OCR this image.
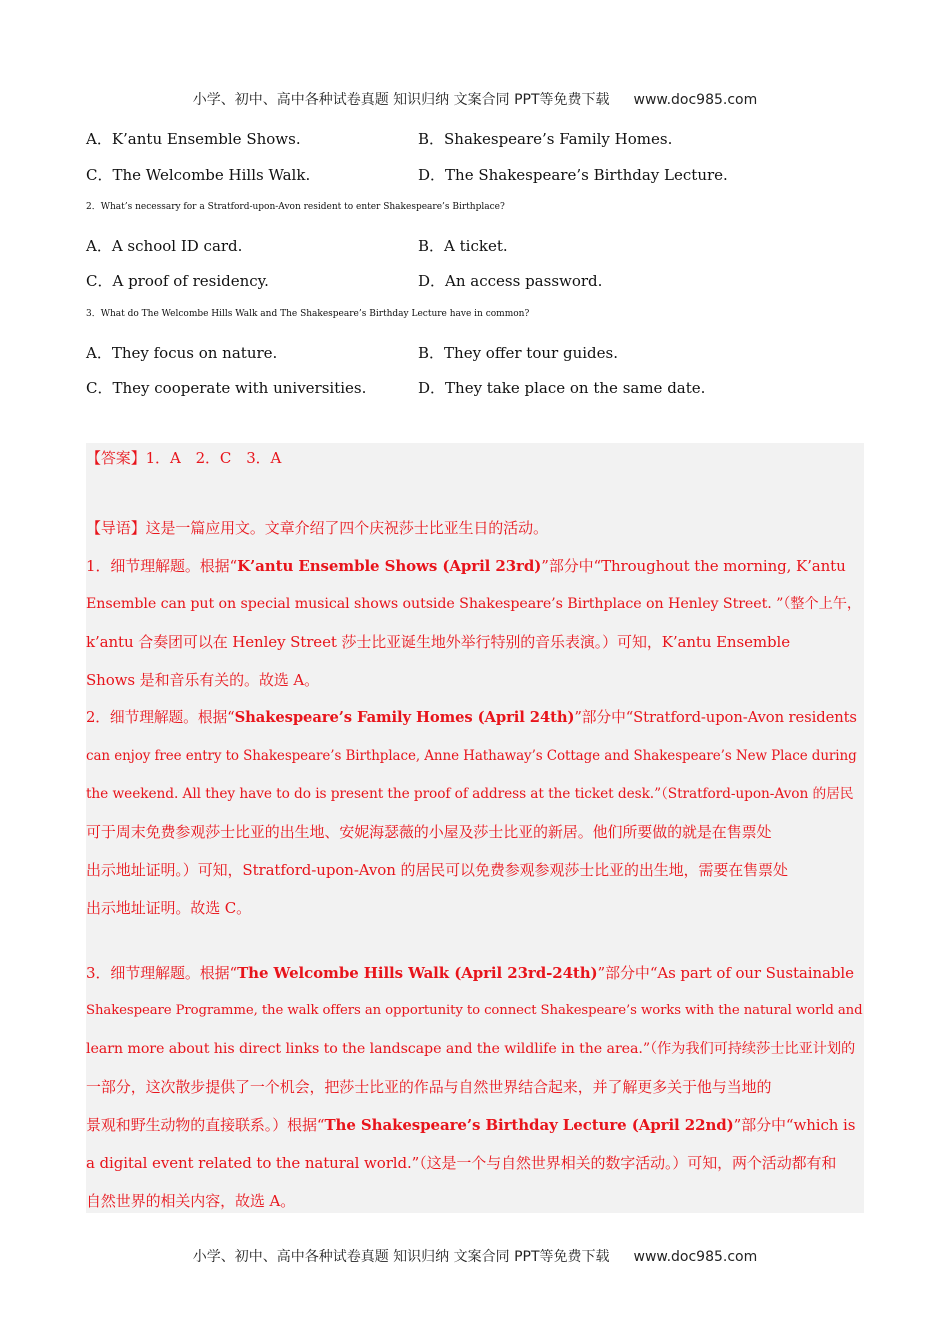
小学、初中、高中各种试卷真题 知识归纳 文案合同 PPT等免费下载 www.doc985.com
A．K’antu Ensemble Shows.	B．Shakespeare’s Family Homes.
C．The Welcombe Hills Walk.	D．The Shakespeare’s Birthday Lecture.
2．What’s necessary for a Stratford-upon-Avon resident to enter Shakespeare’s Birthplace?
A．A school ID card.	B．A ticket.
C．A proof of residency.	D．An access password.
3．What do The Welcombe Hills Walk and The Shakespeare’s Birthday Lecture have in common?
A．They focus on nature.	B．They offer tour guides.
C．They cooperate with universities.	D．They take place on the same date.
【答案】1．A　2．C　3．A
【导语】这是一篇应用文。文章介绍了四个庆祝莎士比亚生日的活动。
1．细节理解题。根据“K’antu Ensemble Shows (April 23rd)”部分中“Throughout the morning, K’antu
Ensemble can put on special musical shows outside Shakespeare’s Birthplace on Henley Street. ”（整个上午，
k’antu 合奏团可以在 Henley Street 莎士比亚诞生地外举行特别的音乐表演。）可知，K’antu Ensemble
Shows 是和音乐有关的。故选 A。
2．细节理解题。根据“Shakespeare’s Family Homes (April 24th)”部分中“Stratford-upon-Avon residents
can enjoy free entry to Shakespeare’s Birthplace, Anne Hathaway’s Cottage and Shakespeare’s New Place during
the weekend. All they have to do is present the proof of address at the ticket desk.”（Stratford-upon-Avon 的居民
可于周末免费参观莎士比亚的出生地、安妮海瑟薇的小屋及莎士比亚的新居。他们所要做的就是在售票处
出示地址证明。）可知，Stratford-upon-Avon 的居民可以免费参观参观莎士比亚的出生地，需要在售票处
出示地址证明。故选 C。
3．细节理解题。根据“The Welcombe Hills Walk (April 23rd-24th)”部分中“As part of our Sustainable
Shakespeare Programme, the walk offers an opportunity to connect Shakespeare’s works with the natural world and
learn more about his direct links to the landscape and the wildlife in the area.”（作为我们可持续莎士比亚计划的
一部分，这次散步提供了一个机会，把莎士比亚的作品与自然世界结合起来，并了解更多关于他与当地的
景观和野生动物的直接联系。）根据“The Shakespeare’s Birthday Lecture (April 22nd)”部分中“which is
a digital event related to the natural world.”（这是一个与自然世界相关的数字活动。）可知，两个活动都有和
自然世界的相关内容，故选 A。
小学、初中、高中各种试卷真题 知识归纳 文案合同 PPT等免费下载 www.doc985.com
